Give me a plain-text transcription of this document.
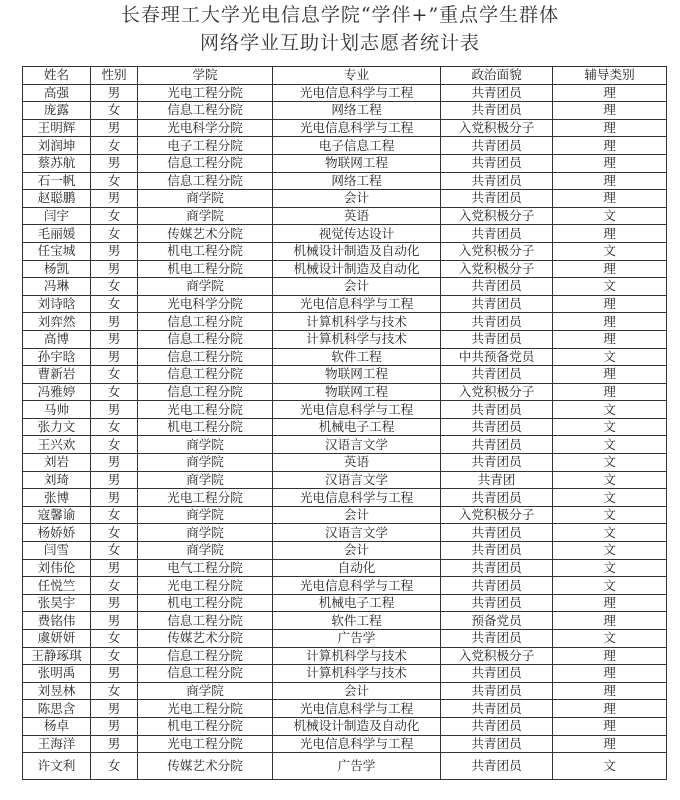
长春理工大学光电信息学院“学伴+”重点学生群体
网络学业互助计划志愿者统计表
姓名	性别	学院	专业	政治面貌	辅导类别
高强	男	光电工程分院	光电信息科学与工程	共青团员	理
庞露	女	信息工程分院	网络工程	共青团员	理
王明辉	男	光电科学分院	光电信息科学与工程	入党积极分子	理
刘润坤	女	电子工程分院	电子信息工程	共青团员	理
蔡苏航	男	信息工程分院	物联网工程	共青团员	理
石一帆	女	信息工程分院	网络工程	共青团员	理
赵聪鹏	男	商学院	会计	共青团员	理
闫宇	女	商学院	英语	入党积极分子	文
毛丽媛	女	传媒艺术分院	视觉传达设计	共青团员	理
任宝城	男	机电工程分院	机械设计制造及自动化	入党积极分子	文
杨凯	男	机电工程分院	机械设计制造及自动化	入党积极分子	理
冯琳	女	商学院	会计	共青团员	文
刘诗晗	女	光电科学分院	光电信息科学与工程	共青团员	理
刘弈然	男	信息工程分院	计算机科学与技术	共青团员	理
高博	男	信息工程分院	计算机科学与技术	共青团员	理
孙宇晗	男	信息工程分院	软件工程	中共预备党员	文
曹新岩	女	信息工程分院	物联网工程	共青团员	理
冯雅婷	女	信息工程分院	物联网工程	入党积极分子	理
马帅	男	光电工程分院	光电信息科学与工程	共青团员	文
张力文	女	机电工程分院	机械电子工程	共青团员	文
王兴欢	女	商学院	汉语言文学	共青团员	文
刘岩	男	商学院	英语	共青团员	文
刘琦	男	商学院	汉语言文学	共青团	文
张博	男	光电工程分院	光电信息科学与工程	共青团员	文
寇馨谕	女	商学院	会计	入党积极分子	文
杨娇娇	女	商学院	汉语言文学	共青团员	文
闫雪	女	商学院	会计	共青团员	文
刘伟伦	男	电气工程分院	自动化	共青团员	文
任悦竺	女	光电工程分院	光电信息科学与工程	共青团员	文
张昊宇	男	机电工程分院	机械电子工程	共青团员	理
费铭伟	男	信息工程分院	软件工程	预备党员	理
虞妍妍	女	传媒艺术分院	广告学	共青团员	文
王静琢琪	女	信息工程分院	计算机科学与技术	入党积极分子	理
张明禹	男	信息工程分院	计算机科学与技术	共青团员	理
刘昱林	女	商学院	会计	共青团员	理
陈思含	男	光电工程分院	光电信息科学与工程	共青团员	理
杨卓	男	机电工程分院	机械设计制造及自动化	共青团员	理
王海洋	男	光电工程分院	光电信息科学与工程	共青团员	理
许文利	女	传媒艺术分院	广告学	共青团员	文
